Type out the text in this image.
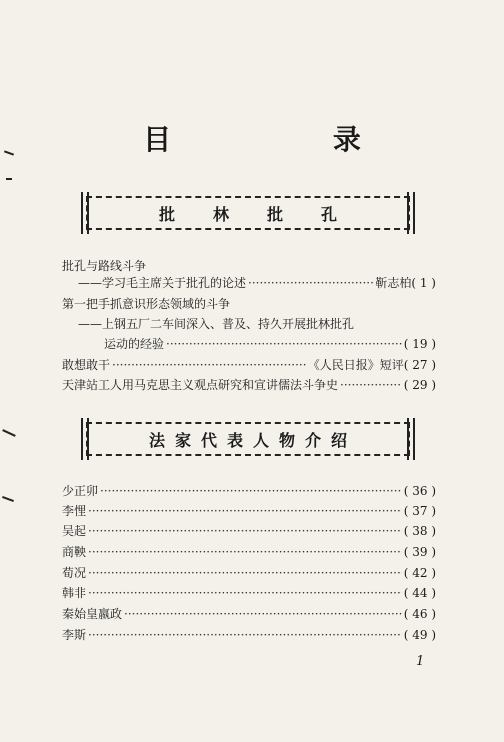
目 录
批林批孔
批孔与路线斗争
——学习毛主席关于批孔的论述 ·····	靳志柏 ( 1 )
第一把手抓意识形态领域的斗争
——上钢五厂二车间深入、普及、持久开展批林批孔
运动的经验 ·····	( 19 )
敢想敢干 ·····	《人民日报》短评 ( 27 )
天津站工人用马克思主义观点研究和宣讲儒法斗争史 ·····	( 29 )
法家代表人物介绍
少正卯 ·····	( 36 )
李悝 ·····	( 37 )
吴起 ·····	( 38 )
商鞅 ·····	( 39 )
荀况 ·····	( 42 )
韩非 ·····	( 44 )
秦始皇嬴政 ·····	( 46 )
李斯 ·····	( 49 )
1
